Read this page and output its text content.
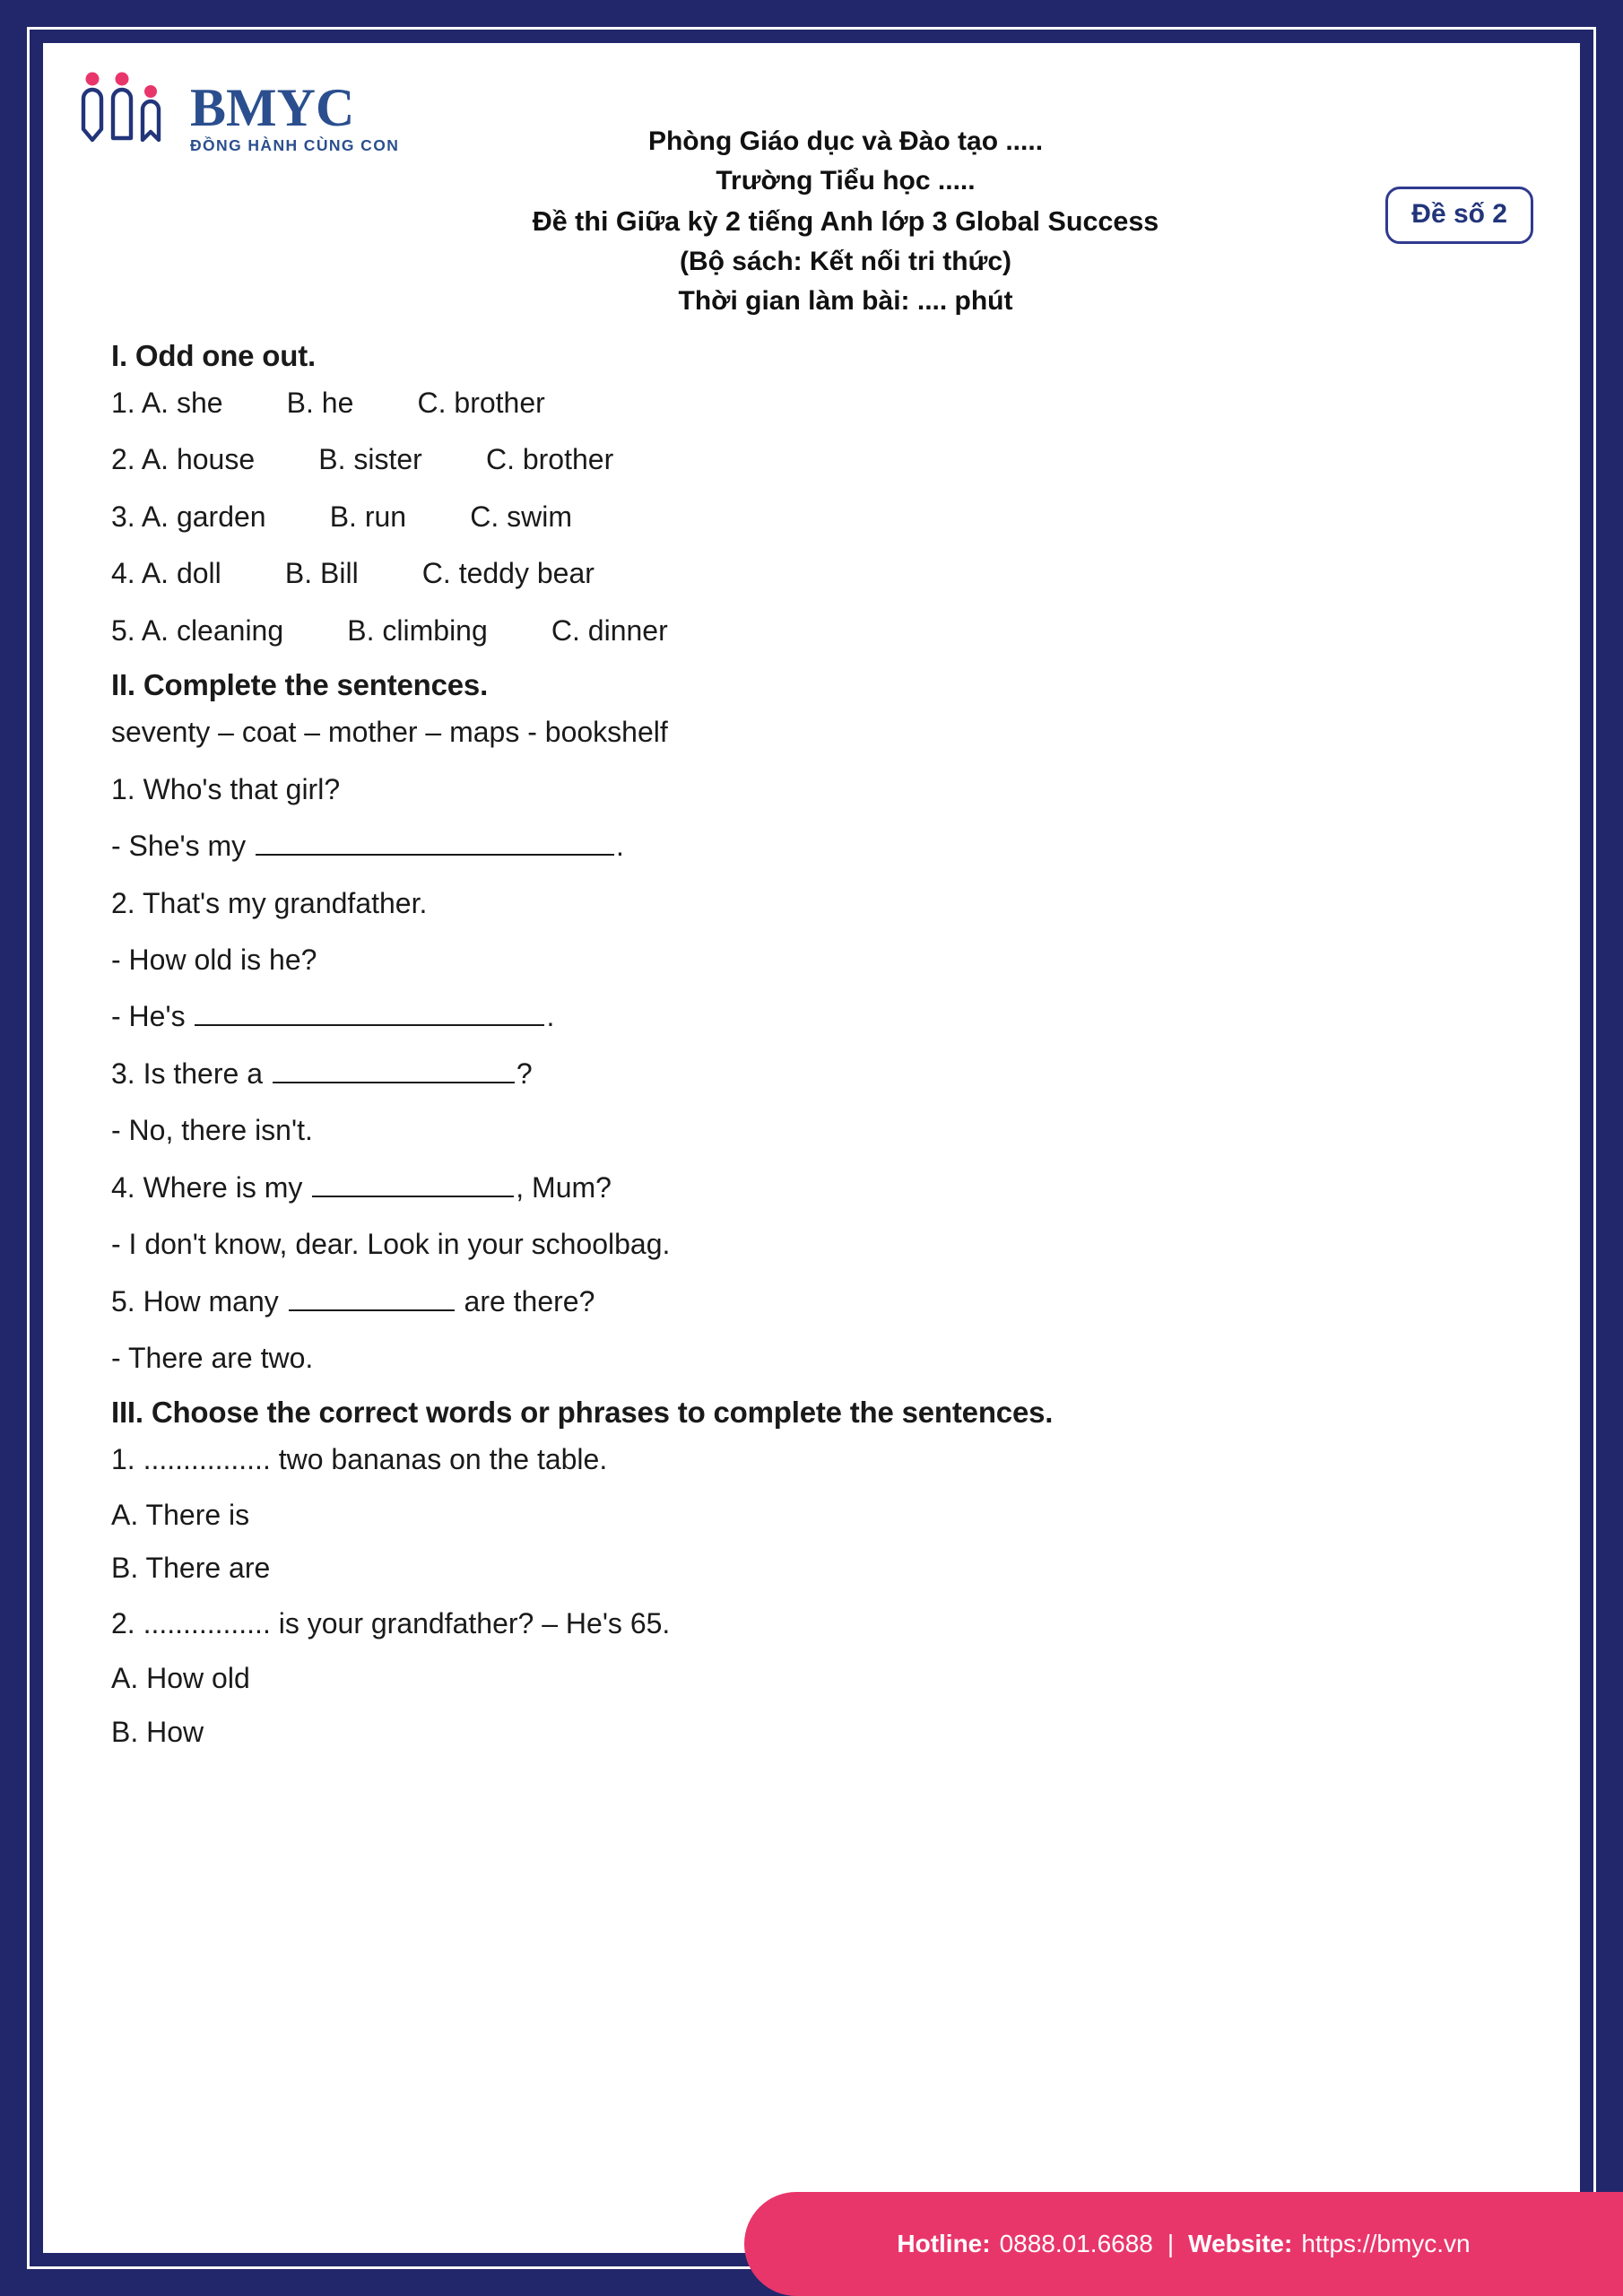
BMYC
ĐỒNG HÀNH CÙNG CON	Phòng Giáo dục và Đào tạo .....
Trường Tiểu học .....
Đề thi Giữa kỳ 2 tiếng Anh lớp 3 Global Success
(Bộ sách: Kết nối tri thức)
Thời gian làm bài: .... phút
Đề số 2
I. Odd one out.
1. A. she        B. he        C. brother
2. A. house        B. sister        C. brother
3. A. garden        B. run        C. swim
4. A. doll        B. Bill        C. teddy bear
5. A. cleaning        B. climbing        C. dinner
II. Complete the sentences.
seventy – coat – mother – maps - bookshelf
1. Who's that girl?
- She's my	.
2. That's my grandfather.
- How old is he?
- He's	.
3. Is there a	?
- No, there isn't.
4. Where is my	, Mum?
- I don't know, dear. Look in your schoolbag.
5. How many	are there?
- There are two.
III. Choose the correct words or phrases to complete the sentences.
1. ................ two bananas on the table.
A. There is
B. There are
2. ................ is your grandfather? – He's 65.
A. How old
B. How
Hotline: 0888.01.6688 | Website: https://bmyc.vn
